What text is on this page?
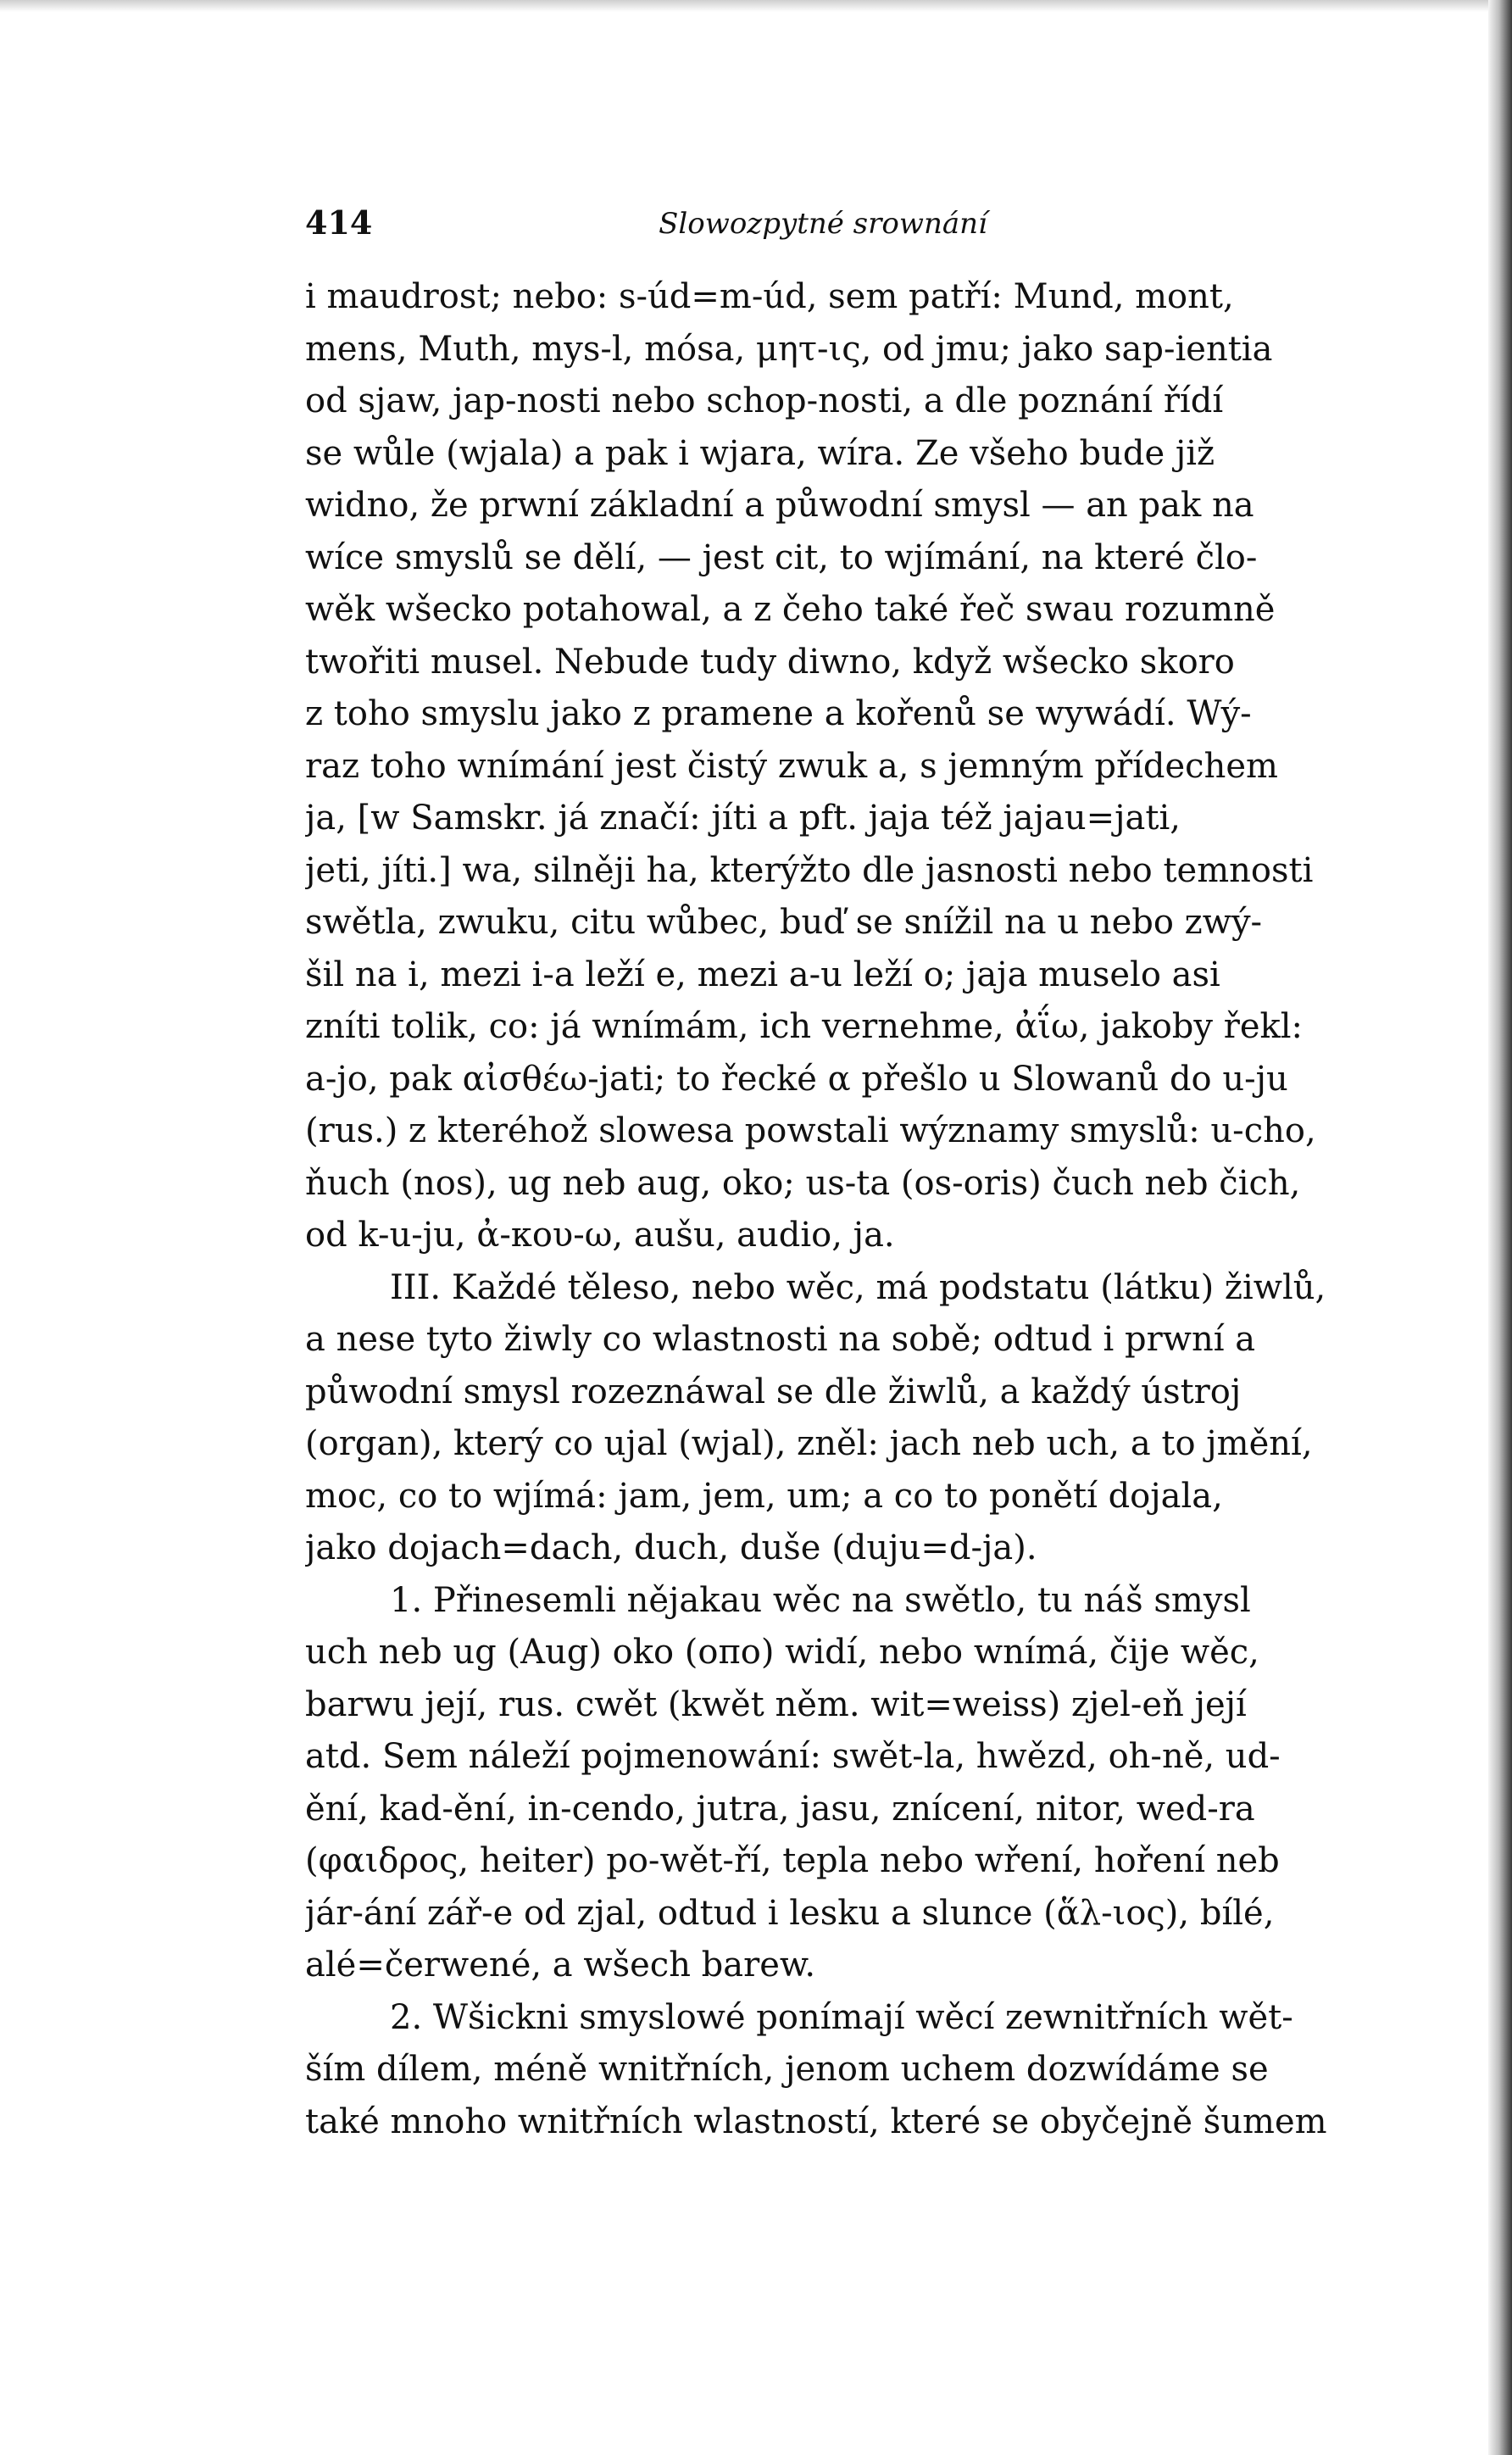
414	Slowozpytné srownání
i maudrost; nebo: s-úd=m-úd, sem patří: Mund, mont,
mens, Muth, mys-l, mósa, μητ-ις, od jmu; jako sap-ientia
od sjaw, jap-nosti nebo schop-nosti, a dle poznání řídí
se wůle (wjala) a pak i wjara, wíra. Ze všeho bude již
widno, že prwní základní a půwodní smysl — an pak na
wíce smyslů se dělí, — jest cit, to wjímání, na které člo-
wěk wšecko potahowal, a z čeho také řeč swau rozumně
twořiti musel. Nebude tudy diwno, když wšecko skoro
z toho smyslu jako z pramene a kořenů se wywádí. Wý-
raz toho wnímání jest čistý zwuk a, s jemným přídechem
ja, [w Samskr. já značí: jíti a pft. jaja též jajau=jati,
jeti, jíti.] wa, silněji ha, kterýžto dle jasnosti nebo temnosti
swětla, zwuku, citu wůbec, buď se snížil na u nebo zwý-
šil na i, mezi i-a leží e, mezi a-u leží o; jaja muselo asi
zníti tolik, co: já wnímám, ich vernehme, ἀΐω, jakoby řekl:
a-jo, pak αἰσθέω-jati; to řecké α přešlo u Slowanů do u-ju
(rus.) z kteréhož slowesa powstali wýznamy smyslů: u-cho,
ňuch (nos), ug neb aug, oko; us-ta (os-oris) čuch neb čich,
od k-u-ju, ἀ-κου-ω, aušu, audio, ja.
III. Každé těleso, nebo wěc, má podstatu (látku) žiwlů,
a nese tyto žiwly co wlastnosti na sobě; odtud i prwní a
půwodní smysl rozeznáwal se dle žiwlů, a každý ústroj
(organ), který co ujal (wjal), zněl: jach neb uch, a to jmění,
moc, co to wjímá: jam, jem, um; a co to ponětí dojala,
jako dojach=dach, duch, duše (duju=d-ja).
1. Přinesemli nějakau wěc na swětlo, tu náš smysl
uch neb ug (Aug) oko (οπο) widí, nebo wnímá, čije wěc,
barwu její, rus. cwět (kwět něm. wit=weiss) zjel-eň její
atd. Sem náleží pojmenowání: swět-la, hwězd, oh-ně, ud-
ění, kad-ění, in-cendo, jutra, jasu, znícení, nitor, wed-ra
(φαιδρος, heiter) po-wět-ří, tepla nebo wření, hoření neb
jár-ání zář-e od zjal, odtud i lesku a slunce (ἅλ-ιος), bílé,
alé=čerwené, a wšech barew.
2. Wšickni smyslowé ponímají wěcí zewnitřních wět-
ším dílem, méně wnitřních, jenom uchem dozwídáme se
také mnoho wnitřních wlastností, které se obyčejně šumem
